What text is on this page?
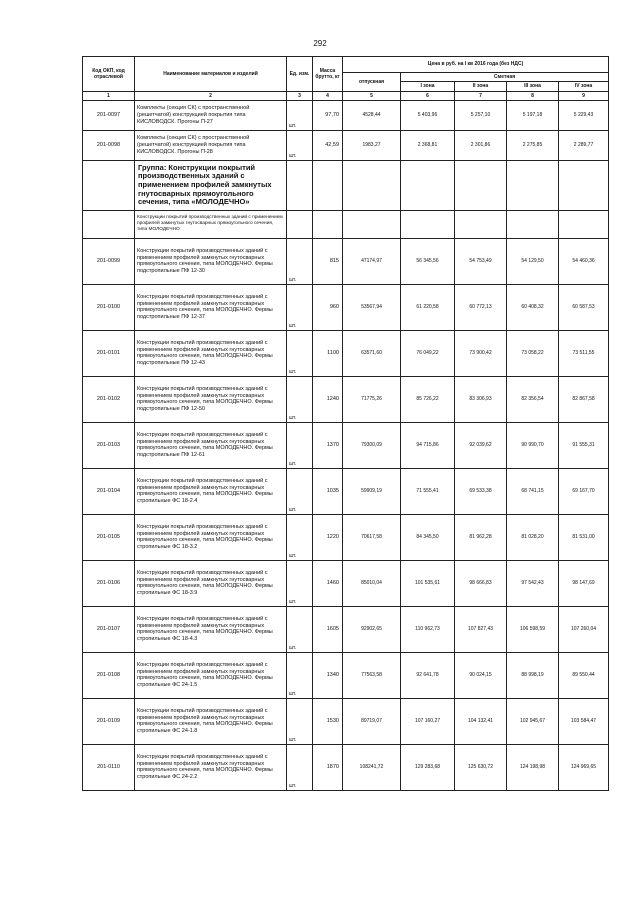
292
Код ОКП, код отраслевой	Наименование материалов и изделий	Ед. изм.	Масса брутто, кг	Цена в руб. на I кв 2016 года (без НДС)				
				отпускная	Сметная			
					I зона	II зона	III зона	IV зона
1	2	3	4	5	6	7	8	9
201-0097	Комплекты (секция СК) с пространственной (решетчатой) конструкцией покрытия типа КИСЛОВОДСК. Прогоны П-27	шт.	97,70	4528,44	5 403,96	5 257,10	5 197,18	5 229,43
201-0098	Комплекты (секция СК) с пространственной (решетчатой) конструкцией покрытия типа КИСЛОВОДСК. Прогоны П-28	шт.	42,59	1983,27	2 368,81	2 301,86	2 275,85	2 289,77
	Группа: Конструкции покрытий производственных зданий с применением профилей замкнутых гнутосварных прямоугольного сечения, типа «МОЛОДЕЧНО»							
	Конструкции покрытий производственных зданий с применением профилей замкнутых гнутосварных прямоугольного сечения, типа МОЛОДЕЧНО							
201-0099	Конструкции покрытий производственных зданий с применением профилей замкнутых гнутосварных прямоугольного сечения, типа МОЛОДЕЧНО. Фермы подстропильные ПФ 12-30	шт.	815	47174,97	56 345,56	54 753,49	54 129,50	54 460,36
201-0100	Конструкции покрытий производственных зданий с применением профилей замкнутых гнутосварных прямоугольного сечения, типа МОЛОДЕЧНО. Фермы подстропильные ПФ 12-37	шт.	960	53567,94	61 220,58	60 772,13	60 408,32	60 587,53
201-0101	Конструкции покрытий производственных зданий с применением профилей замкнутых гнутосварных прямоугольного сечения, типа МОЛОДЕЧНО. Фермы подстропильные ПФ 12-43	шт.	1100	63571,60	76 049,22	73 900,42	73 058,22	73 511,55
201-0102	Конструкции покрытий производственных зданий с применением профилей замкнутых гнутосварных прямоугольного сечения, типа МОЛОДЕЧНО. Фермы подстропильные ПФ 12-50	шт.	1240	71775,26	85 726,22	83 306,93	82 356,54	82 867,58
201-0103	Конструкции покрытий производственных зданий с применением профилей замкнутых гнутосварных прямоугольного сечения, типа МОЛОДЕЧНО. Фермы подстропильные ПФ 12-61	шт.	1370	79300,09	94 715,86	92 039,62	90 990,70	91 555,31
201-0104	Конструкции покрытий производственных зданий с применением профилей замкнутых гнутосварных прямоугольного сечения, типа МОЛОДЕЧНО. Фермы стропильные ФС 18-2.4	шт.	1035	59909,19	71 555,41	69 533,38	68 741,15	69 167,70
201-0105	Конструкции покрытий производственных зданий с применением профилей замкнутых гнутосварных прямоугольного сечения, типа МОЛОДЕЧНО. Фермы стропильные ФС 18-3.2	шт.	1220	70617,58	84 345,50	81 962,28	81 028,20	81 531,00
201-0106	Конструкции покрытий производственных зданий с применением профилей замкнутых гнутосварных прямоугольного сечения, типа МОЛОДЕЧНО. Фермы стропильные ФС 18-3.9	шт.	1460	85010,04	101 535,61	98 666,83	97 542,43	98 147,69
201-0107	Конструкции покрытий производственных зданий с применением профилей замкнутых гнутосварных прямоугольного сечения, типа МОЛОДЕЧНО. Фермы стропильные ФС 18-4.3	шт.	1605	92902,65	110 962,73	107 827,43	106 598,59	107 260,04
201-0108	Конструкции покрытий производственных зданий с применением профилей замкнутых гнутосварных прямоугольного сечения, типа МОЛОДЕЧНО. Фермы стропильные ФС 24-1.5	шт.	1340	77563,58	92 641,78	90 024,15	88 998,19	89 550,44
201-0109	Конструкции покрытий производственных зданий с применением профилей замкнутых гнутосварных прямоугольного сечения, типа МОЛОДЕЧНО. Фермы стропильные ФС 24-1.8	шт.	1530	89719,07	107 160,27	104 132,41	102 945,67	103 584,47
201-0110	Конструкции покрытий производственных зданий с применением профилей замкнутых гнутосварных прямоугольного сечения, типа МОЛОДЕЧНО. Фермы стропильные ФС 24-2.2	шт.	1870	108241,72	129 283,68	125 630,72	124 198,98	124 969,65
